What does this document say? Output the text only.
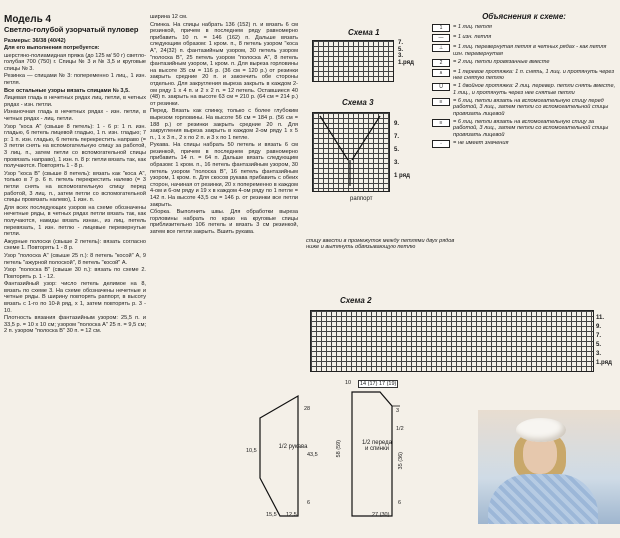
Модель 4

Светло-голубой узорчатый пуловер

Размеры: 36/38 (40/42)

Для его выполнения потребуется:

шерстяно-полиамидная пряжа (до 125 м/ 50 г) светло-голубая 700 (750) г. Спицы № 3 и № 3,5 и круговые спицы № 3.

Резинка — спицами № 3: попеременно 1 лиц., 1 изн. петля.

Все остальные узоры вязать спицами № 3,5.

Лицевая гладь в нечетных рядах лиц. петли, в четных рядах - изн. петли.

Изнаночная гладь в нечетных рядах - изн. петли, в четных рядах - лиц. петли.

Узор "коса А" (свыше 8 петель): 1 - 6 р: 1 п. изн. гладью, 6 петель лицевой гладью, 1 п. изн. гладью; 7 р: 1 п. изн. гладью, 6 петель перекрестить направо (= 3 петли снять на вспомогательную спицу за работой, 3 лиц. п., затем петли со вспомогательной спицы провязать направо), 1 изн. п. 8 р: петли вязать так, как получаются. Повторять 1 - 8 р.

Узор "коса В" (свыше 8 петель): вязать как "коса А", только в 7 р. 6 п. петель перекрестить налево (= 3 петли снять на вспомогательную спицу перед работой, 3 лиц. п., затем петли со вспомогательной спицы провязать налево), 1 изн. п.

Для всех последующих узоров на схеме обозначены нечетные ряды, в четных рядах петли вязать так, как получаются, накиды вязать изнан., из лиц. петель перевязать, 1 изн. петлю - лицевые перевернутые петли.

Ажурные полоски (свыше 2 петель): вязать согласно схеме 1. Повторять 1 - 8 р.

Узор "полоска А" (свыше 25 п.): 8 петель "косой" А, 9 петель "ажурной полоской", 8 петель "косой" А.

Узор "полоска В" (свыше 30 п.): вязать по схеме 2. Повторять р. 1 - 12.

Фантазийный узор: число петель делимое на 8, вязать по схеме 3. На схеме обозначены нечетные и четные ряды. В ширину повторять раппорт, в высоту вязать с 1-го по 10-й ряд, х 1, затем повторять р. 3 - 10.

Плотность вязания фантазийным узором: 25,5 п. и 33,5 р. = 10 х 10 см; узором "полоска А" 25 п. = 9,5 см; 2 п. узором "полоска В" 30 п. = 12 см.

ширина 12 см.

Спинка. На спицы набрать 136 (152) п. и вязать 6 см резинкой, причем в последнем ряду равномерно прибавить 10 п. = 146 (162) п. Дальше вязать следующим образом: 1 кром. п., 8 петель узором "коса А", 24(32) п. фантазийным узором, 30 петель узором "полоска В", 25 петель узором "полоска А", 8 петель фантазийным узором, 1 кром. п. Для выреза горловины на высоте 35 см = 116 р. (36 см = 120 р.) от резинки закрыть средние 20 п. и закончить обе стороны отдельно. Для закругления выреза закрыть в каждом 2-ом ряду 1 х 4 п. и 2 х 2 п. = 12 петель. Оставшиеся 40 (48) п. закрыть на высоте 63 см = 210 р. (64 см = 214 р.) от резинки.

Перед. Вязать как спинку, только с более глубоким вырезом горловины. На высоте 56 см = 184 р. (56 см = 188 р.) от резинки закрыть средние 20 п. Для закругления выреза закрыть в каждом 2-ом ряду 1 х 5 п., 1 х 3 п., 2 х по 2 п. и 3 х по 1 петле.

Рукава. На спицы набрать 50 петель и вязать 6 см резинкой, причем в последнем ряду равномерно прибавить 14 п. = 64 п. Дальше вязать следующим образом: 1 кром. п., 16 петель фантазийным узором, 30 петель узором "полоска В", 16 петель фантазийным узором, 1 кром. п. Для скосов рукава прибавить с обеих сторон, начиная от резинки, 20 х попеременно в каждом 4-ом и 6-ом ряду и 19 х в каждом 4-ом ряду по 1 петле = 142 п. На высоте 43,5 см = 146 р. от резинки все петли закрыть.

Сборка. Выполнить швы. Для обработки выреза горловины набрать по краю на круговые спицы приблизительно 106 петель и вязать 3 см резинкой, затем все петли закрыть. Вшить рукава.

Схема 1
7.
5.
3.
1.ряд
Схема 3
9.
7.
5.
3.
1 ряд
раппорт
спицу ввести в промежуток между петлями двух рядов ниже и вытянуть обвязывающую петлю
Схема 2
11.
9.
7.
5.
3.
1.ряд
Объяснения к схеме:
1	= 1 лиц. петля
—	= 1 изн. петля
⊥	= 1 лиц. перевернутая петля в четных рядах - как петля изн. перевернутая
2	= 2 лиц. петли провязанные вместе
∧	= 1 перевое протяжка: 1 п. снять, 1 лиц. и протянуть через нее снятую петлю
U	= 1 двойное протяжка: 2 лиц. перевер. петли снять вместе, 1 лиц., и протянуть через нее снятые петли
≡	= 6 лиц. петли вязать на вспомогательную спицу перед работой, 3 лиц., затем петли со вспомогательной спицы провязать лицевой
≡	= 6 лиц. петли вязать на вспомогательную спицу за работой, 3 лиц., затем петли со вспомогательной спицы провязать лицевой
◦	= не имеет значения
1/2 рукава
1/2 переда и спинки
14 (17) 17 (19)
10
28
15,5 12,5
43,5
6
10,5	58 (59)
3
35 (36)
6
27 (30)
1/2
